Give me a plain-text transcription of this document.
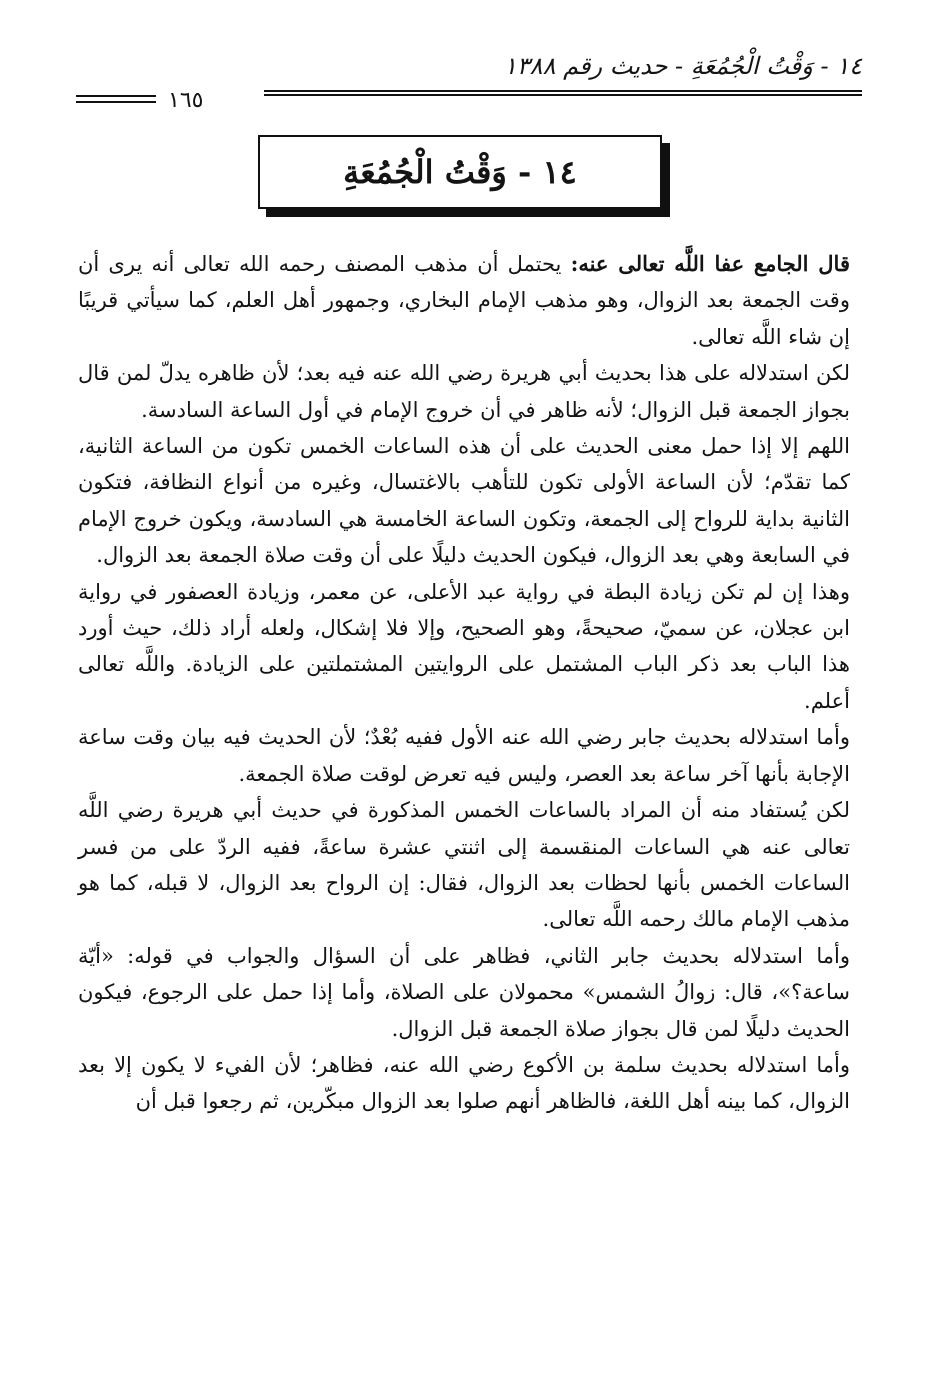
١٤ - وَقْتُ الْجُمُعَةِ - حديث رقم ١٣٨٨
١٦٥
١٤ - وَقْتُ الْجُمُعَةِ

قال الجامع عفا اللَّه تعالى عنه: يحتمل أن مذهب المصنف رحمه الله تعالى أنه يرى أن وقت الجمعة بعد الزوال، وهو مذهب الإمام البخاري، وجمهور أهل العلم، كما سيأتي قريبًا إن شاء اللَّه تعالى.

لكن استدلاله على هذا بحديث أبي هريرة رضي الله عنه فيه بعد؛ لأن ظاهره يدلّ لمن قال بجواز الجمعة قبل الزوال؛ لأنه ظاهر في أن خروج الإمام في أول الساعة السادسة.

اللهم إلا إذا حمل معنى الحديث على أن هذه الساعات الخمس تكون من الساعة الثانية، كما تقدّم؛ لأن الساعة الأولى تكون للتأهب بالاغتسال، وغيره من أنواع النظافة، فتكون الثانية بداية للرواح إلى الجمعة، وتكون الساعة الخامسة هي السادسة، ويكون خروج الإمام في السابعة وهي بعد الزوال، فيكون الحديث دليلًا على أن وقت صلاة الجمعة بعد الزوال.

وهذا إن لم تكن زيادة البطة في رواية عبد الأعلى، عن معمر، وزيادة العصفور في رواية ابن عجلان، عن سميّ، صحيحةً، وهو الصحيح، وإلا فلا إشكال، ولعله أراد ذلك، حيث أورد هذا الباب بعد ذكر الباب المشتمل على الروايتين المشتملتين على الزيادة. واللَّه تعالى أعلم.

وأما استدلاله بحديث جابر رضي الله عنه الأول ففيه بُعْدٌ؛ لأن الحديث فيه بيان وقت ساعة الإجابة بأنها آخر ساعة بعد العصر، وليس فيه تعرض لوقت صلاة الجمعة.

لكن يُستفاد منه أن المراد بالساعات الخمس المذكورة في حديث أبي هريرة رضي اللَّه تعالى عنه هي الساعات المنقسمة إلى اثنتي عشرة ساعةً، ففيه الردّ على من فسر الساعات الخمس بأنها لحظات بعد الزوال، فقال: إن الرواح بعد الزوال، لا قبله، كما هو مذهب الإمام مالك رحمه اللَّه تعالى.

وأما استدلاله بحديث جابر الثاني، فظاهر على أن السؤال والجواب في قوله: «أيّة ساعة؟»، قال: زوالُ الشمس» محمولان على الصلاة، وأما إذا حمل على الرجوع، فيكون الحديث دليلًا لمن قال بجواز صلاة الجمعة قبل الزوال.

وأما استدلاله بحديث سلمة بن الأكوع رضي الله عنه، فظاهر؛ لأن الفيء لا يكون إلا بعد الزوال، كما بينه أهل اللغة، فالظاهر أنهم صلوا بعد الزوال مبكّرين، ثم رجعوا قبل أن
